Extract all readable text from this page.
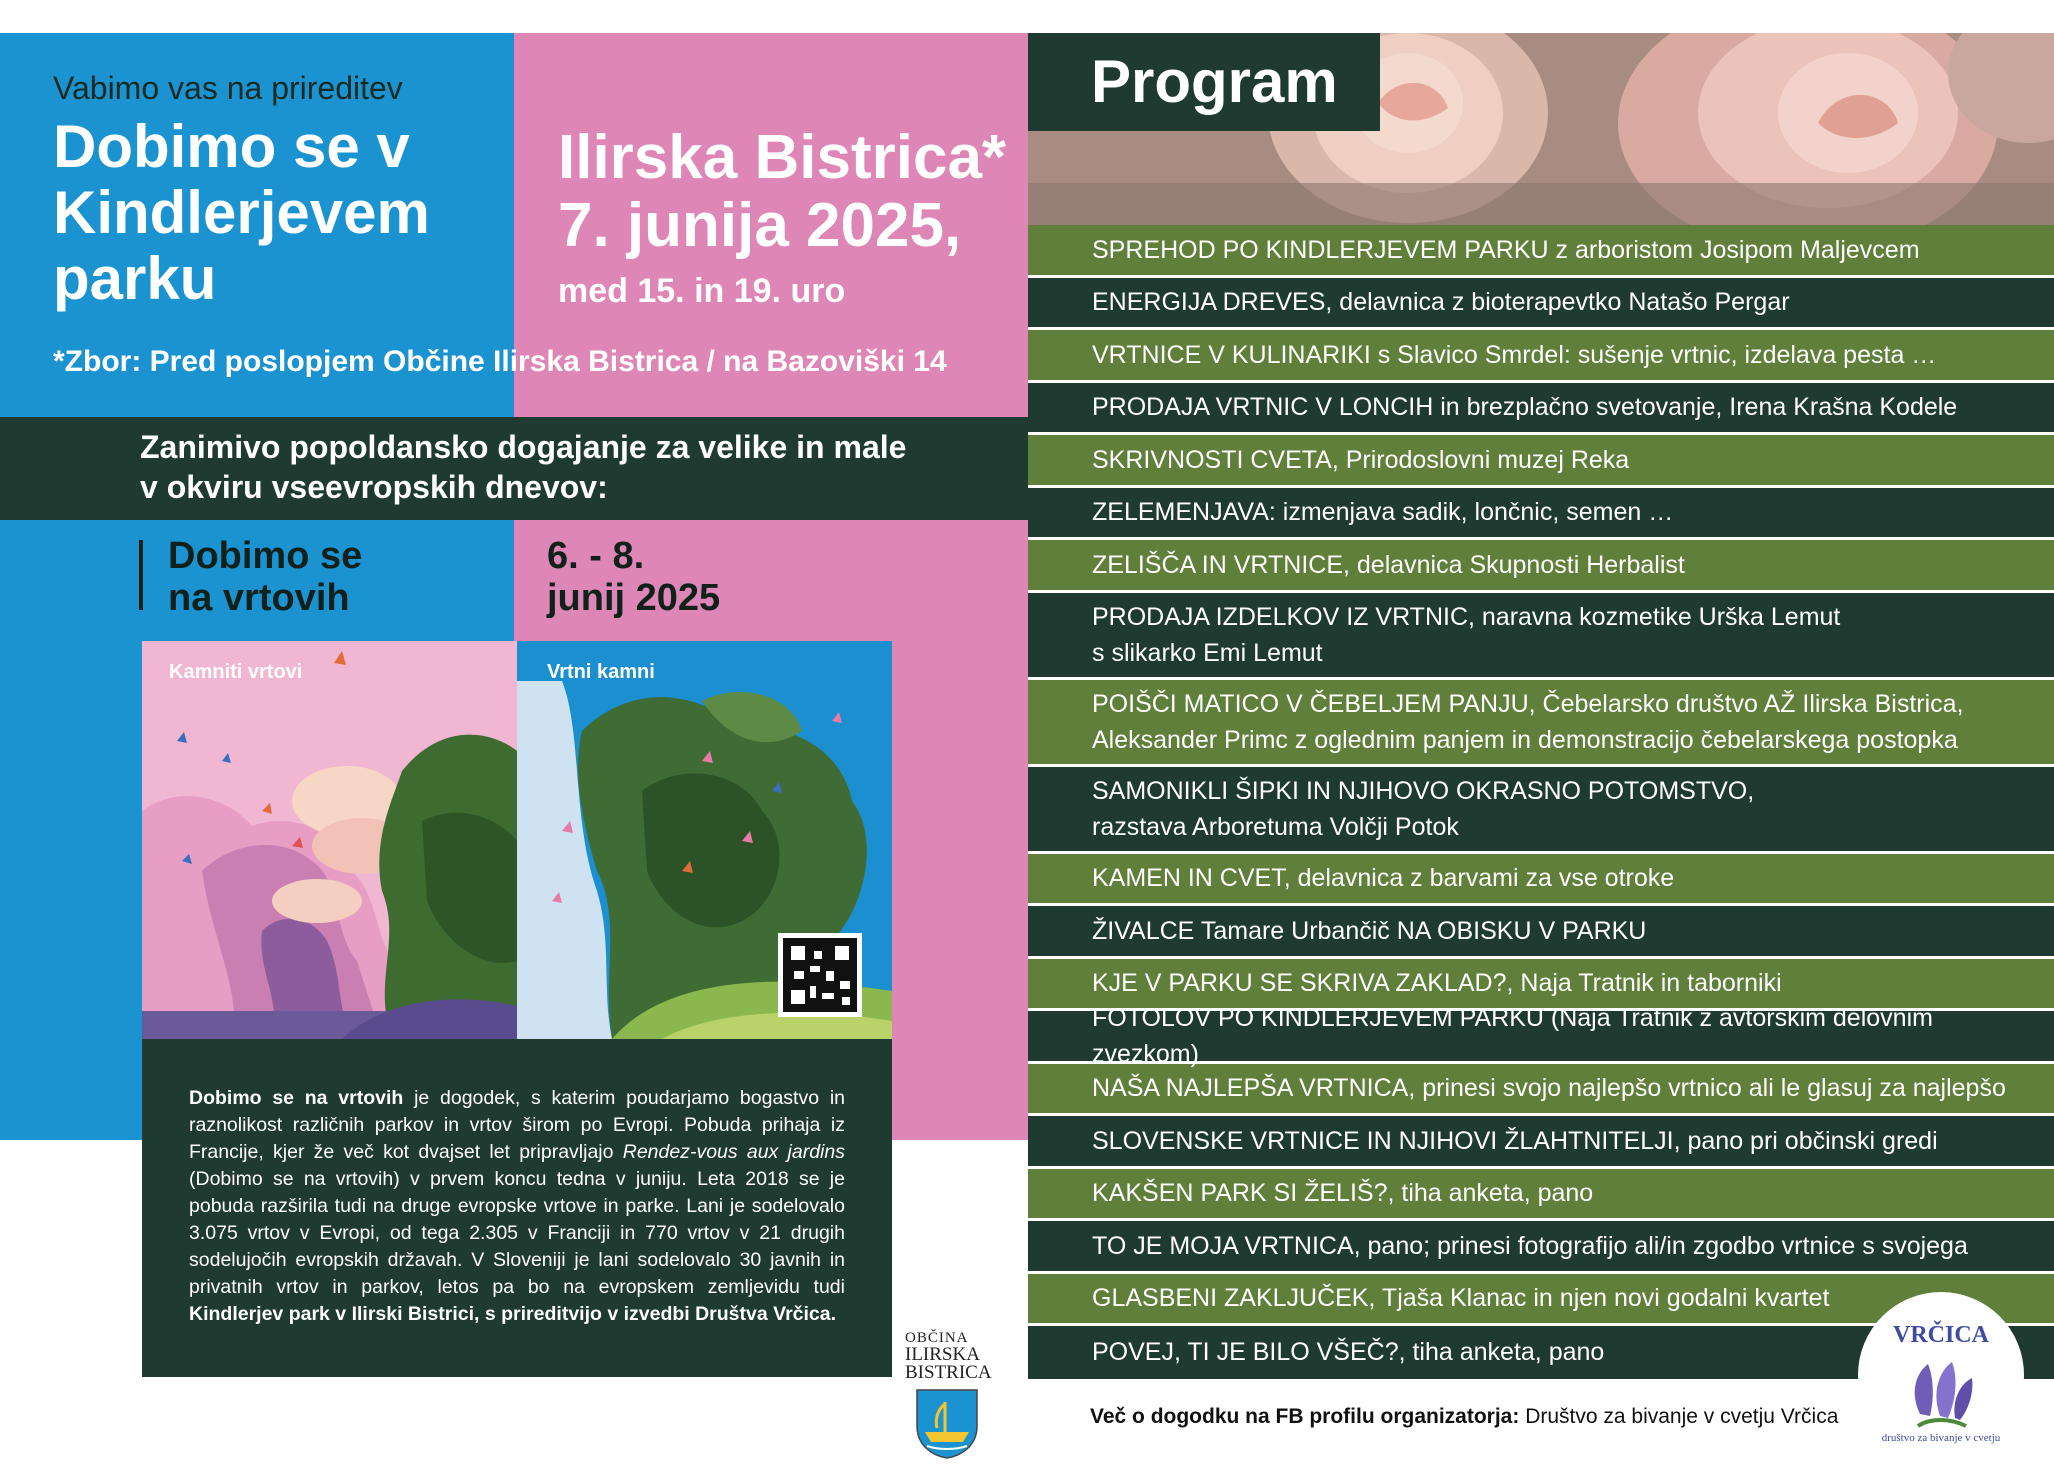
Vabimo vas na prireditev
Dobimo se v
Kindlerjevem
parku
Ilirska Bistrica*
7. junija 2025,
med 15. in 19. uro
*Zbor: Pred poslopjem Občine Ilirska Bistrica / na Bazoviški 14
Zanimivo popoldansko dogajanje za velike in male
v okviru vseevropskih dnevov:
Dobimo se
na vrtovih
6. - 8.
junij 2025
Kamniti vrtovi	Vrtni kamni
Dobimo se na vrtovih je dogodek, s katerim poudarjamo bogastvo in raznolikost različnih parkov in vrtov širom po Evropi. Pobuda prihaja iz Francije, kjer že več kot dvajset let pripravljajo Rendez-vous aux jardins (Dobimo se na vrtovih) v prvem koncu tedna v juniju. Leta 2018 se je pobuda razširila tudi na druge evropske vrtove in parke. Lani je sodelovalo 3.075 vrtov v Evropi, od tega 2.305 v Franciji in 770 vrtov v 21 drugih sodelujočih evropskih državah. V Sloveniji je lani sodelovalo 30 javnih in privatnih vrtov in parkov, letos pa bo na evropskem zemljevidu tudi Kindlerjev park v Ilirski Bistrici, s prireditvijo v izvedbi Društva Vrčica.
OBČINA
ILIRSKA
BISTRICA
Program
SPREHOD PO KINDLERJEVEM PARKU z arboristom Josipom Maljevcem
ENERGIJA DREVES, delavnica z bioterapevtko Natašo Pergar
VRTNICE V KULINARIKI s Slavico Smrdel: sušenje vrtnic, izdelava pesta …
PRODAJA VRTNIC V LONCIH in brezplačno svetovanje, Irena Krašna Kodele
SKRIVNOSTI CVETA, Prirodoslovni muzej Reka
ZELEMENJAVA: izmenjava sadik, lončnic, semen …
ZELIŠČA IN VRTNICE, delavnica Skupnosti Herbalist
PRODAJA IZDELKOV IZ VRTNIC, naravna kozmetike Urška Lemut
s slikarko Emi Lemut
POIŠČI MATICO V ČEBELJEM PANJU, Čebelarsko društvo AŽ Ilirska Bistrica,
Aleksander Primc z oglednim panjem in demonstracijo čebelarskega postopka
SAMONIKLI ŠIPKI IN NJIHOVO OKRASNO POTOMSTVO,
razstava Arboretuma Volčji Potok
KAMEN IN CVET, delavnica z barvami za vse otroke
ŽIVALCE Tamare Urbančič NA OBISKU V PARKU
KJE V PARKU SE SKRIVA ZAKLAD?, Naja Tratnik in taborniki
FOTOLOV PO KINDLERJEVEM PARKU (Naja Tratnik z avtorskim delovnim zvezkom)
NAŠA NAJLEPŠA VRTNICA, prinesi svojo najlepšo vrtnico ali le glasuj za najlepšo
SLOVENSKE VRTNICE IN NJIHOVI ŽLAHTNITELJI, pano pri občinski gredi
KAKŠEN PARK SI ŽELIŠ?, tiha anketa, pano
TO JE MOJA VRTNICA, pano; prinesi fotografijo ali/in zgodbo vrtnice s svojega
GLASBENI ZAKLJUČEK, Tjaša Klanac in njen novi godalni kvartet
POVEJ, TI JE BILO VŠEČ?, tiha anketa, pano
Več o dogodku na FB profilu organizatorja: Društvo za bivanje v cvetju Vrčica
VRČICA
društvo za bivanje v cvetju
